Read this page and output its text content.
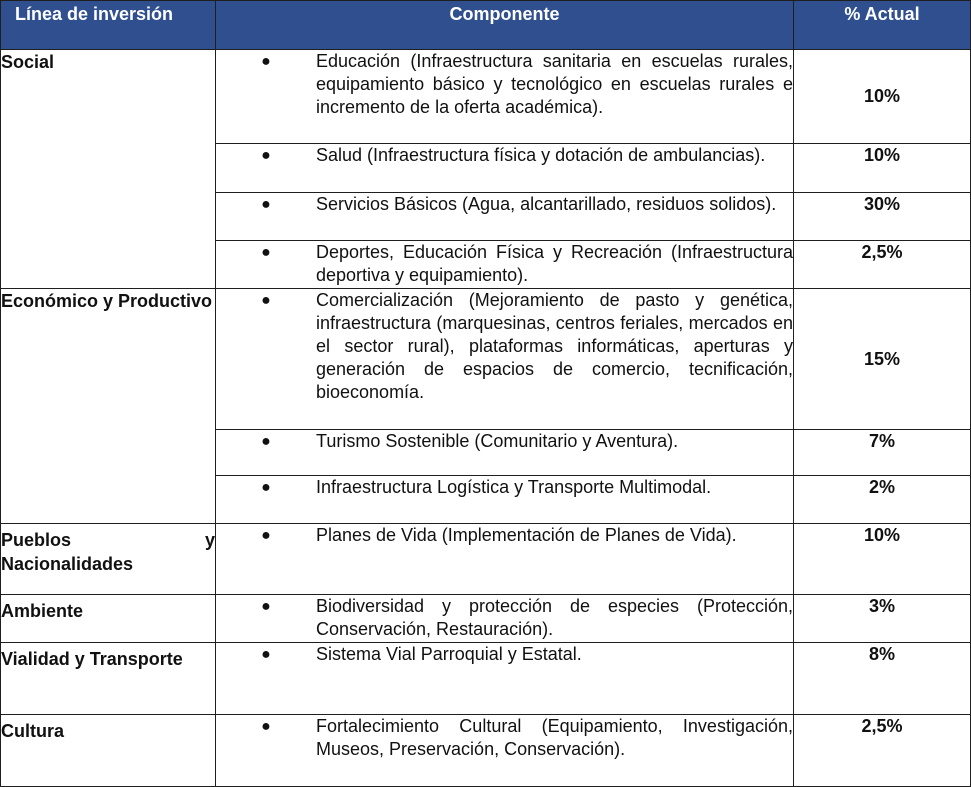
Línea de inversión	Componente	% Actual

Social	● Educación (Infraestructura sanitaria en escuelas rurales, equipamiento básico y tecnológico en escuelas rurales e incremento de la oferta académica).	10%

	● Salud (Infraestructura física y dotación de ambulancias).	10%

	● Servicios Básicos (Agua, alcantarillado, residuos solidos).	30%

	● Deportes, Educación Física y Recreación (Infraestructura deportiva y equipamiento).	2,5%

Económico y Productivo	● Comercialización (Mejoramiento de pasto y genética, infraestructura (marquesinas, centros feriales, mercados en el sector rural), plataformas informáticas, aperturas y generación de espacios de comercio, tecnificación, bioeconomía.	15%

	● Turismo Sostenible (Comunitario y Aventura).	7%

	● Infraestructura Logística y Transporte Multimodal.	2%

Pueblos y Nacionalidades	● Planes de Vida (Implementación de Planes de Vida).	10%

Ambiente	● Biodiversidad y protección de especies (Protección, Conservación, Restauración).	3%

Vialidad y Transporte	● Sistema Vial Parroquial y Estatal.	8%

Cultura	● Fortalecimiento Cultural (Equipamiento, Investigación, Museos, Preservación, Conservación).	2,5%
